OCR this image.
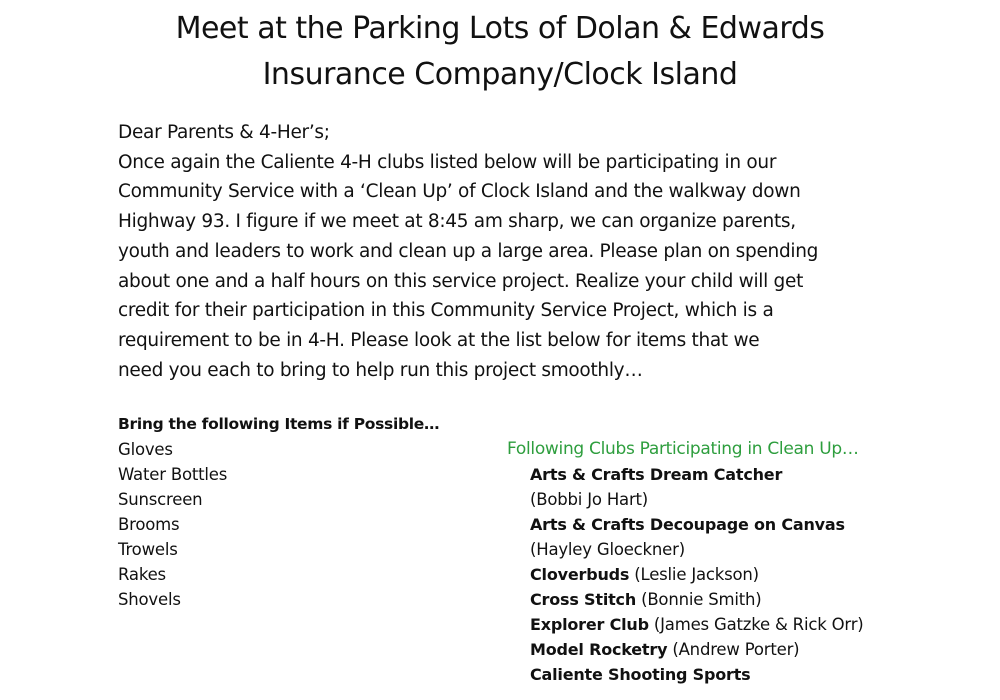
Meet at the Parking Lots of Dolan & Edwards
Insurance Company/Clock Island
Dear Parents & 4-Her’s;
Once again the Caliente 4-H clubs listed below will be participating in our
Community Service with a ‘Clean Up’ of Clock Island and the walkway down
Highway 93. I figure if we meet at 8:45 am sharp, we can organize parents,
youth and leaders to work and clean up a large area. Please plan on spending
about one and a half hours on this service project. Realize your child will get
credit for their participation in this Community Service Project, which is a
requirement to be in 4-H. Please look at the list below for items that we
need you each to bring to help run this project smoothly…
Bring the following Items if Possible…
Gloves
Water Bottles
Sunscreen
Brooms
Trowels
Rakes
Shovels
Following Clubs Participating in Clean Up…
Arts & Crafts Dream Catcher
(Bobbi Jo Hart)
Arts & Crafts Decoupage on Canvas
(Hayley Gloeckner)
Cloverbuds (Leslie Jackson)
Cross Stitch (Bonnie Smith)
Explorer Club (James Gatzke & Rick Orr)
Model Rocketry (Andrew Porter)
Caliente Shooting Sports
